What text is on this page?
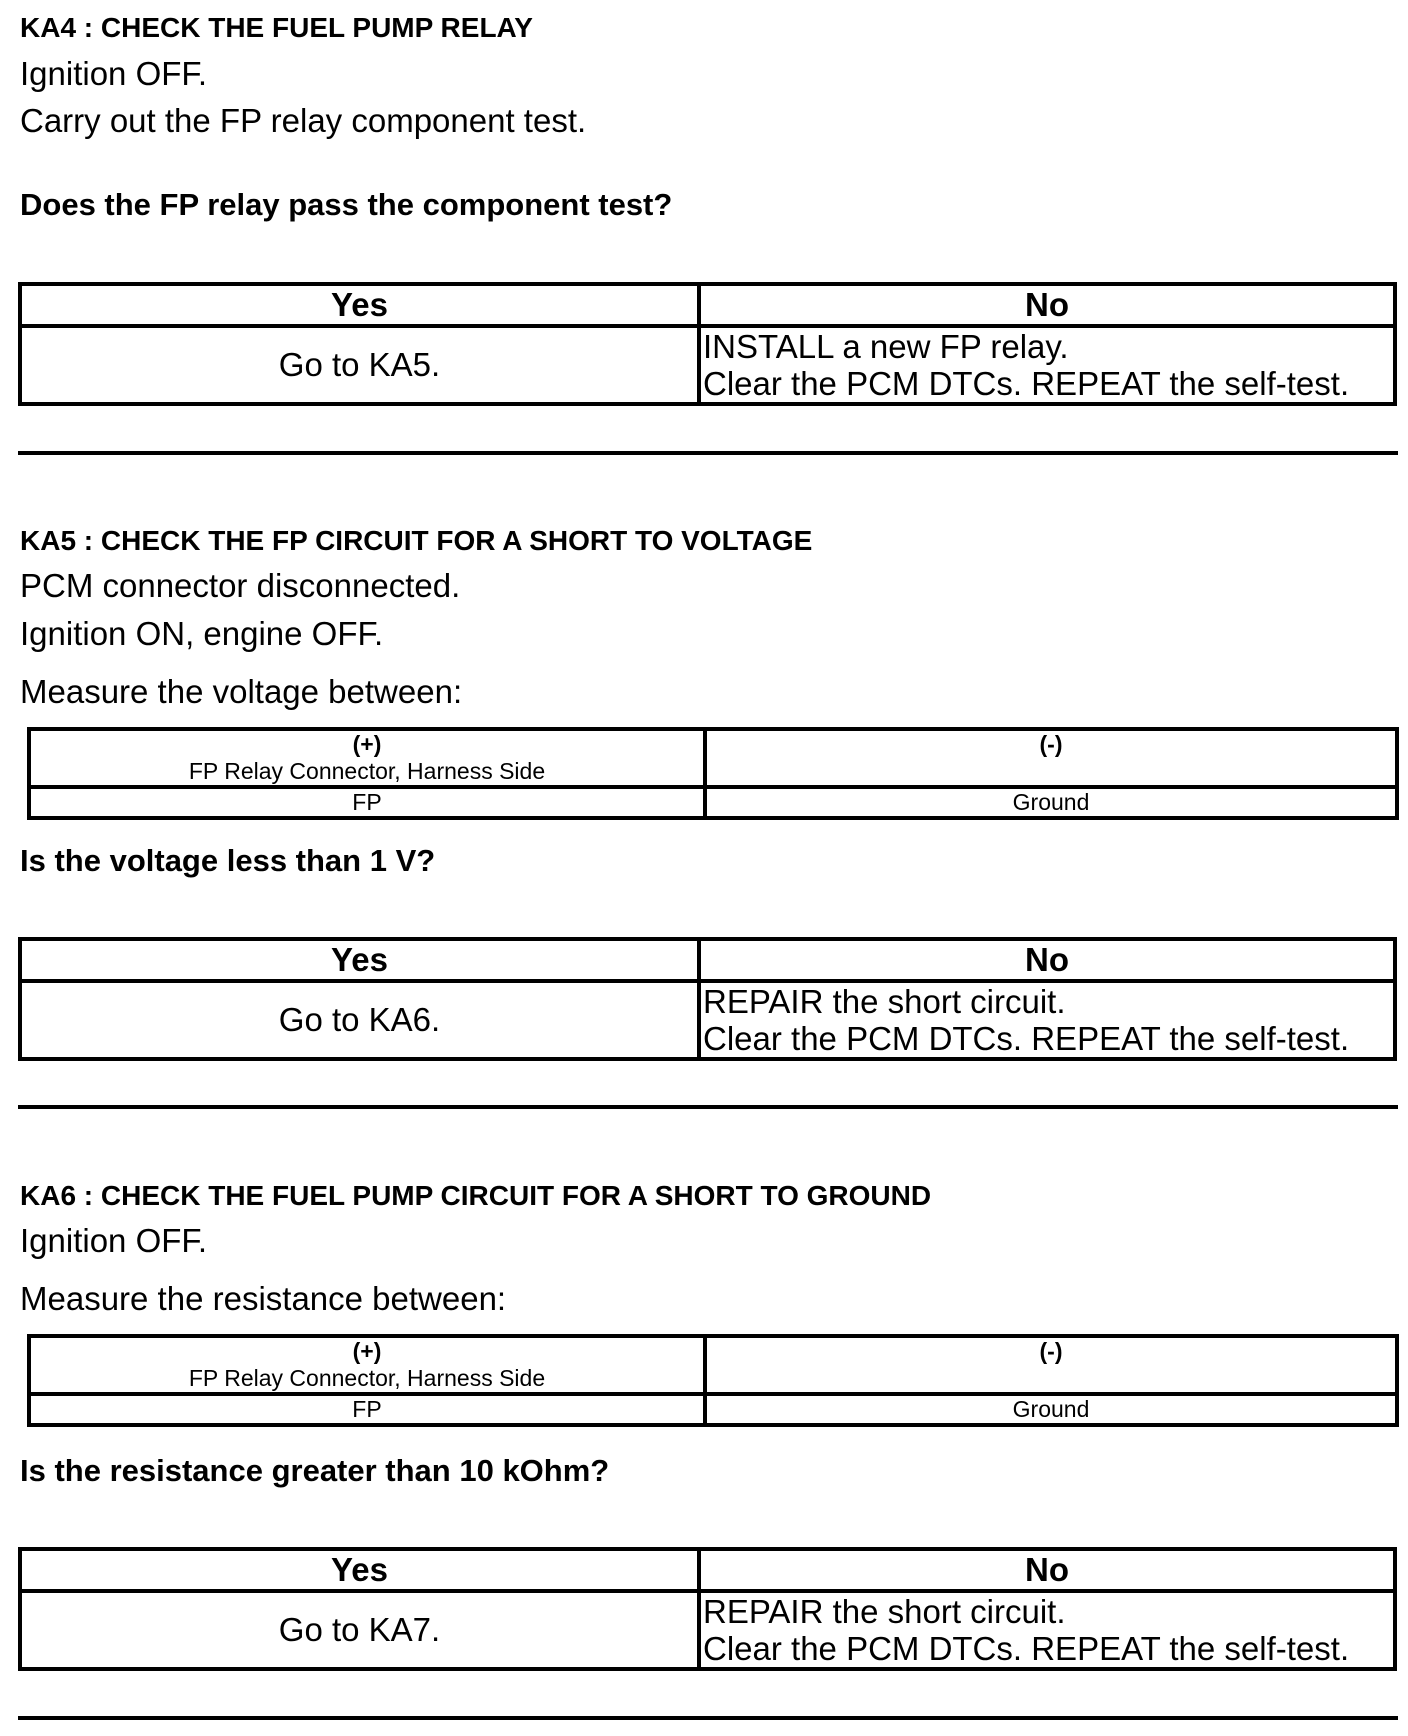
KA4 : CHECK THE FUEL PUMP RELAY
Ignition OFF.
Carry out the FP relay component test.
Does the FP relay pass the component test?
Yes	No
Go to KA5.	INSTALL a new FP relay.
Clear the PCM DTCs. REPEAT the self-test.
KA5 : CHECK THE FP CIRCUIT FOR A SHORT TO VOLTAGE
PCM connector disconnected.
Ignition ON, engine OFF.
Measure the voltage between:
(+)
FP Relay Connector, Harness Side	(-)

FP	Ground
Is the voltage less than 1 V?
Yes	No
Go to KA6.	REPAIR the short circuit.
Clear the PCM DTCs. REPEAT the self-test.
KA6 : CHECK THE FUEL PUMP CIRCUIT FOR A SHORT TO GROUND
Ignition OFF.
Measure the resistance between:
(+)
FP Relay Connector, Harness Side	(-)

FP	Ground
Is the resistance greater than 10 kOhm?
Yes	No
Go to KA7.	REPAIR the short circuit.
Clear the PCM DTCs. REPEAT the self-test.
